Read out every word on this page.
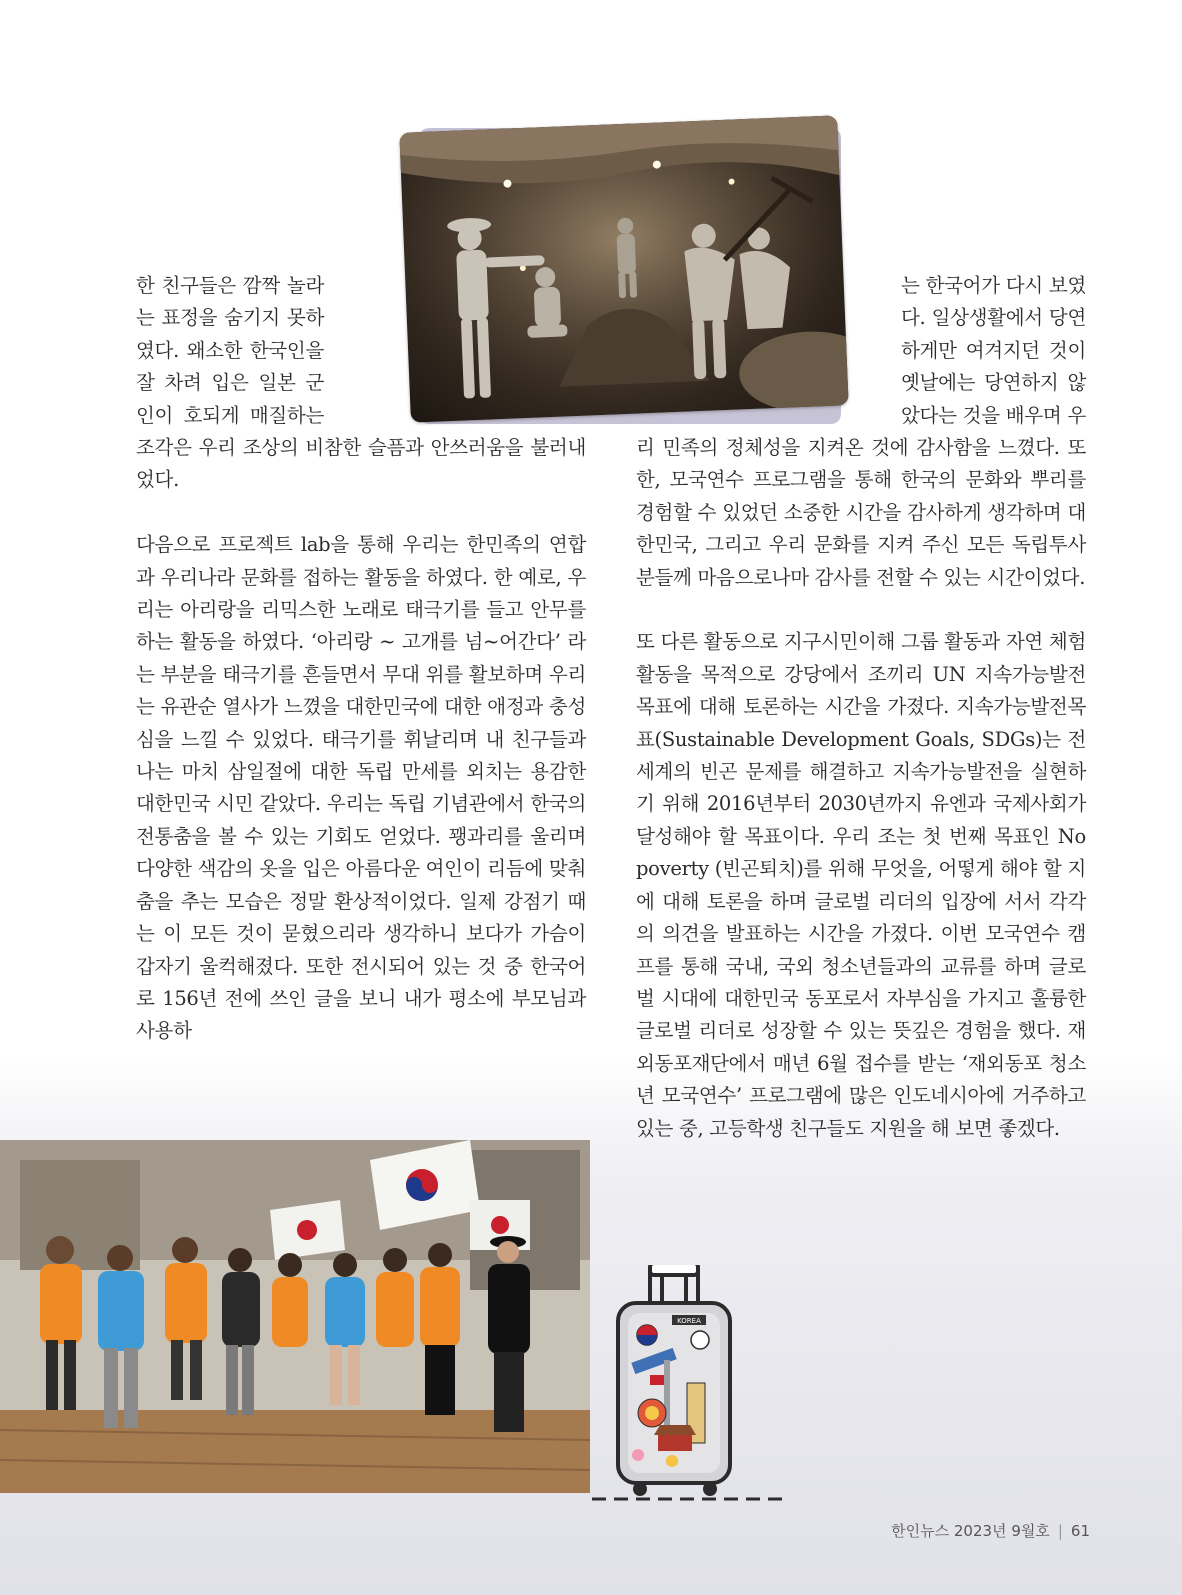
한 친구들은 깜짝 놀라는 표정을 숨기지 못하였다. 왜소한 한국인을 잘 차려 입은 일본 군인이 호되게 매질하는 조각은 우리 조상의 비참한 슬픔과 안쓰러움을 불러내었다.

다음으로 프로젝트 lab을 통해 우리는 한민족의 연합과 우리나라 문화를 접하는 활동을 하였다. 한 예로, 우리는 아리랑을 리믹스한 노래로 태극기를 들고 안무를 하는 활동을 하였다. ‘아리랑 ~ 고개를 넘~어간다’ 라는 부분을 태극기를 흔들면서 무대 위를 활보하며 우리는 유관순 열사가 느꼈을 대한민국에 대한 애정과 충성심을 느낄 수 있었다. 태극기를 휘날리며 내 친구들과 나는 마치 삼일절에 대한 독립 만세를 외치는 용감한 대한민국 시민 같았다. 우리는 독립 기념관에서 한국의 전통춤을 볼 수 있는 기회도 얻었다. 꽹과리를 울리며 다양한 색감의 옷을 입은 아름다운 여인이 리듬에 맞춰 춤을 추는 모습은 정말 환상적이었다. 일제 강점기 때는 이 모든 것이 묻혔으리라 생각하니 보다가 가슴이 갑자기 울컥해졌다. 또한 전시되어 있는 것 중 한국어로 156년 전에 쓰인 글을 보니 내가 평소에 부모님과 사용하

는 한국어가 다시 보였다. 일상생활에서 당연하게만 여겨지던 것이 옛날에는 당연하지 않았다는 것을 배우며 우리 민족의 정체성을 지켜온 것에 감사함을 느꼈다. 또한, 모국연수 프로그램을 통해 한국의 문화와 뿌리를 경험할 수 있었던 소중한 시간을 감사하게 생각하며 대한민국, 그리고 우리 문화를 지켜 주신 모든 독립투사분들께 마음으로나마 감사를 전할 수 있는 시간이었다.

또 다른 활동으로 지구시민이해 그룹 활동과 자연 체험 활동을 목적으로 강당에서 조끼리 UN 지속가능발전목표에 대해 토론하는 시간을 가졌다. 지속가능발전목표(Sustainable Development Goals, SDGs)는 전세계의 빈곤 문제를 해결하고 지속가능발전을 실현하기 위해 2016년부터 2030년까지 유엔과 국제사회가 달성해야 할 목표이다. 우리 조는 첫 번째 목표인 No poverty (빈곤퇴치)를 위해 무엇을, 어떻게 해야 할 지에 대해 토론을 하며 글로벌 리더의 입장에 서서 각각의 의견을 발표하는 시간을 가졌다. 이번 모국연수 캠프를 통해 국내, 국외 청소년들과의 교류를 하며 글로벌 시대에 대한민국 동포로서 자부심을 가지고 훌륭한 글로벌 리더로 성장할 수 있는 뜻깊은 경험을 했다. 재외동포재단에서 매년 6월 접수를 받는 ‘재외동포 청소년 모국연수’ 프로그램에 많은 인도네시아에 거주하고 있는 중, 고등학생 친구들도 지원을 해 보면 좋겠다.

KOREA
한인뉴스 2023년 9월호 | 61
